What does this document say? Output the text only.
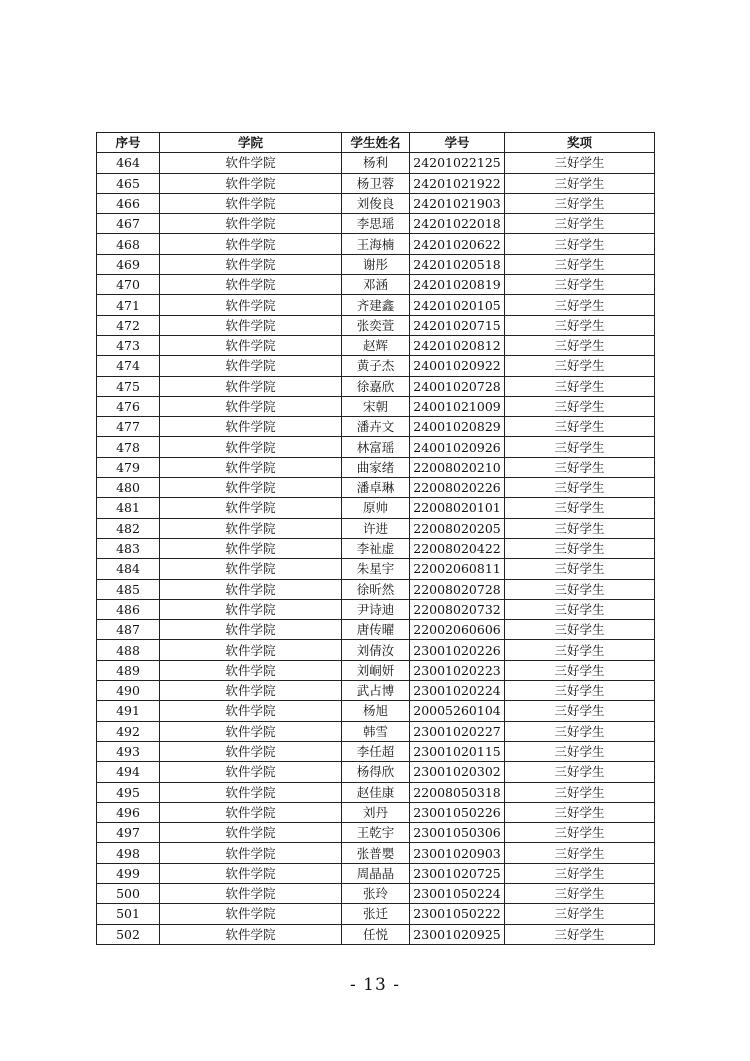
序号	学院	学生姓名	学号	奖项
464	软件学院	杨利	24201022125	三好学生
465	软件学院	杨卫蓉	24201021922	三好学生
466	软件学院	刘俊良	24201021903	三好学生
467	软件学院	李思瑶	24201022018	三好学生
468	软件学院	王海楠	24201020622	三好学生
469	软件学院	谢彤	24201020518	三好学生
470	软件学院	邓涵	24201020819	三好学生
471	软件学院	齐建鑫	24201020105	三好学生
472	软件学院	张奕萱	24201020715	三好学生
473	软件学院	赵辉	24201020812	三好学生
474	软件学院	黄子杰	24001020922	三好学生
475	软件学院	徐嘉欣	24001020728	三好学生
476	软件学院	宋朝	24001021009	三好学生
477	软件学院	潘卉文	24001020829	三好学生
478	软件学院	林富瑶	24001020926	三好学生
479	软件学院	曲家绪	22008020210	三好学生
480	软件学院	潘卓琳	22008020226	三好学生
481	软件学院	原帅	22008020101	三好学生
482	软件学院	许进	22008020205	三好学生
483	软件学院	李祉虚	22008020422	三好学生
484	软件学院	朱星宇	22002060811	三好学生
485	软件学院	徐昕然	22008020728	三好学生
486	软件学院	尹诗迪	22008020732	三好学生
487	软件学院	唐传曜	22002060606	三好学生
488	软件学院	刘倩汝	23001020226	三好学生
489	软件学院	刘峒妍	23001020223	三好学生
490	软件学院	武占博	23001020224	三好学生
491	软件学院	杨旭	20005260104	三好学生
492	软件学院	韩雪	23001020227	三好学生
493	软件学院	李任超	23001020115	三好学生
494	软件学院	杨得欣	23001020302	三好学生
495	软件学院	赵佳康	22008050318	三好学生
496	软件学院	刘丹	23001050226	三好学生
497	软件学院	王乾宇	23001050306	三好学生
498	软件学院	张普嬰	23001020903	三好学生
499	软件学院	周晶晶	23001020725	三好学生
500	软件学院	张玲	23001050224	三好学生
501	软件学院	张迁	23001050222	三好学生
502	软件学院	任悦	23001020925	三好学生
- 13 -
